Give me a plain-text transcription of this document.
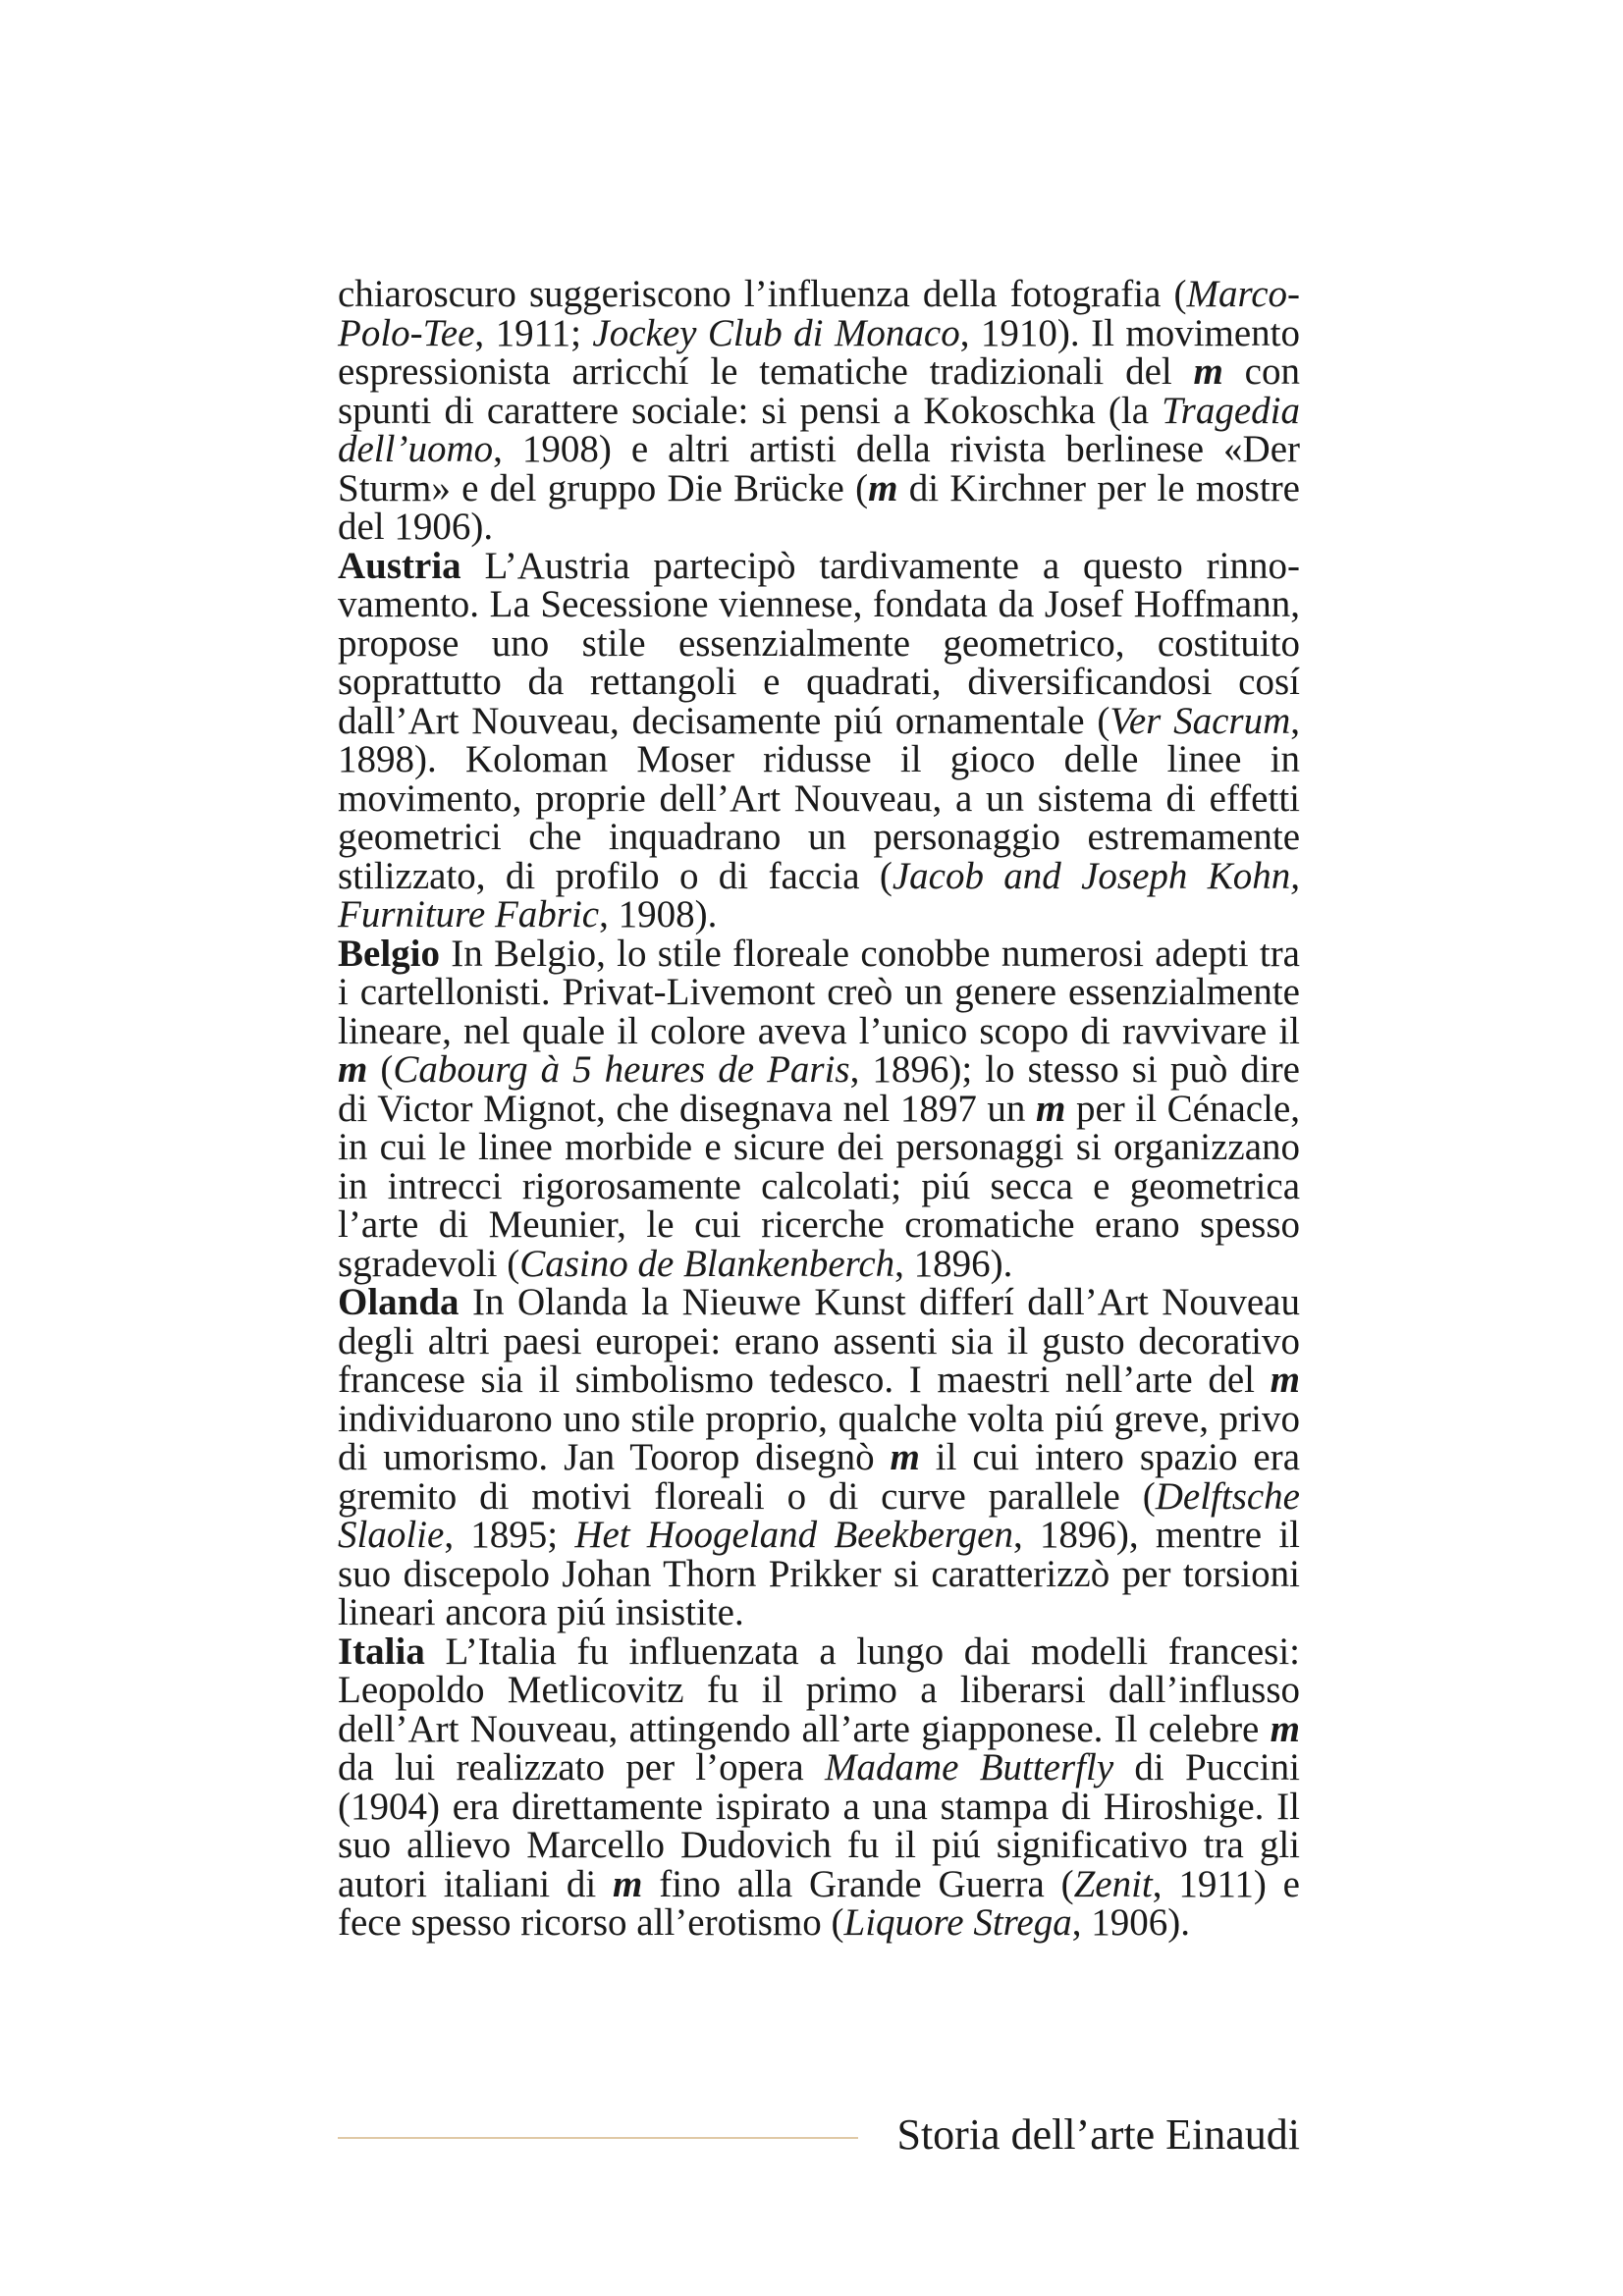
chiaroscuro suggeriscono l’influenza della fotografia (Marco-Polo-Tee, 1911; Jockey Club di Monaco, 1910). Il movimento espressionista arricchí le tematiche tradizionali del m con spunti di carattere sociale: si pensi a Kokoschka (la Tragedia dell’uomo, 1908) e altri artisti della rivista berlinese «Der Sturm» e del gruppo Die Brücke (m di Kirchner per le mostre del 1906).

Austria L’Austria partecipò tardivamente a questo rinnovamento. La Secessione viennese, fondata da Josef Hoffmann, propose uno stile essenzialmente geometrico, costituito soprattutto da rettangoli e quadrati, diversificandosi cosí dall’Art Nouveau, decisamente piú ornamentale (Ver Sacrum, 1898). Koloman Moser ridusse il gioco delle linee in movimento, proprie dell’Art Nouveau, a un sistema di effetti geometrici che inquadrano un personaggio estremamente stilizzato, di profilo o di faccia (Jacob and Joseph Kohn, Furniture Fabric, 1908).

Belgio In Belgio, lo stile floreale conobbe numerosi adepti tra i cartellonisti. Privat-Livemont creò un genere essenzialmente lineare, nel quale il colore aveva l’unico scopo di ravvivare il m (Cabourg à 5 heures de Paris, 1896); lo stesso si può dire di Victor Mignot, che disegnava nel 1897 un m per il Cénacle, in cui le linee morbide e sicure dei personaggi si organizzano in intrecci rigorosamente calcolati; piú secca e geometrica l’arte di Meunier, le cui ricerche cromatiche erano spesso sgradevoli (Casino de Blankenberch, 1896).

Olanda In Olanda la Nieuwe Kunst differí dall’Art Nouveau degli altri paesi europei: erano assenti sia il gusto decorativo francese sia il simbolismo tedesco. I maestri nell’arte del m individuarono uno stile proprio, qualche volta piú greve, privo di umorismo. Jan Toorop disegnò m il cui intero spazio era gremito di motivi floreali o di curve parallele (Delftsche Slaolie, 1895; Het Hoogeland Beekbergen, 1896), mentre il suo discepolo Johan Thorn Prikker si caratterizzò per torsioni lineari ancora piú insistite.

Italia L’Italia fu influenzata a lungo dai modelli francesi: Leopoldo Metlicovitz fu il primo a liberarsi dall’influsso dell’Art Nouveau, attingendo all’arte giapponese. Il celebre m da lui realizzato per l’opera Madame Butterfly di Puccini (1904) era direttamente ispirato a una stampa di Hiroshige. Il suo allievo Marcello Dudovich fu il piú significativo tra gli autori italiani di m fino alla Grande Guerra (Zenit, 1911) e fece spesso ricorso all’erotismo (Liquore Strega, 1906).

Storia dell’arte Einaudi
